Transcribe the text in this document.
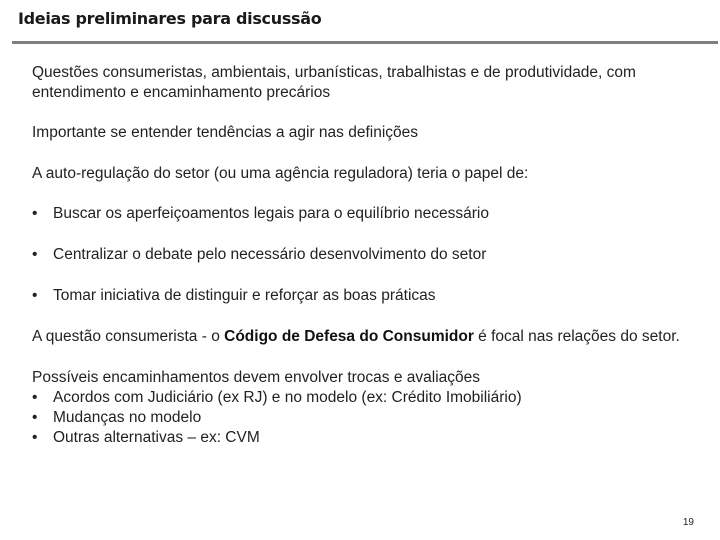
Ideias preliminares para discussão

Questões consumeristas, ambientais, urbanísticas, trabalhistas e de produtividade, com entendimento e encaminhamento precários

Importante se entender tendências a agir nas definições

A auto-regulação do setor (ou uma agência reguladora) teria o papel de:

•	Buscar os aperfeiçoamentos legais para o equilíbrio necessário
•	Centralizar o debate pelo necessário desenvolvimento do setor
•	Tomar iniciativa de distinguir e reforçar as boas práticas

A questão consumerista - o Código de Defesa do Consumidor é focal nas relações do setor.

Possíveis encaminhamentos devem envolver trocas e avaliações

•	Acordos com Judiciário (ex RJ) e no modelo (ex: Crédito Imobiliário)
•	Mudanças no modelo
•	Outras alternativas – ex: CVM
19
